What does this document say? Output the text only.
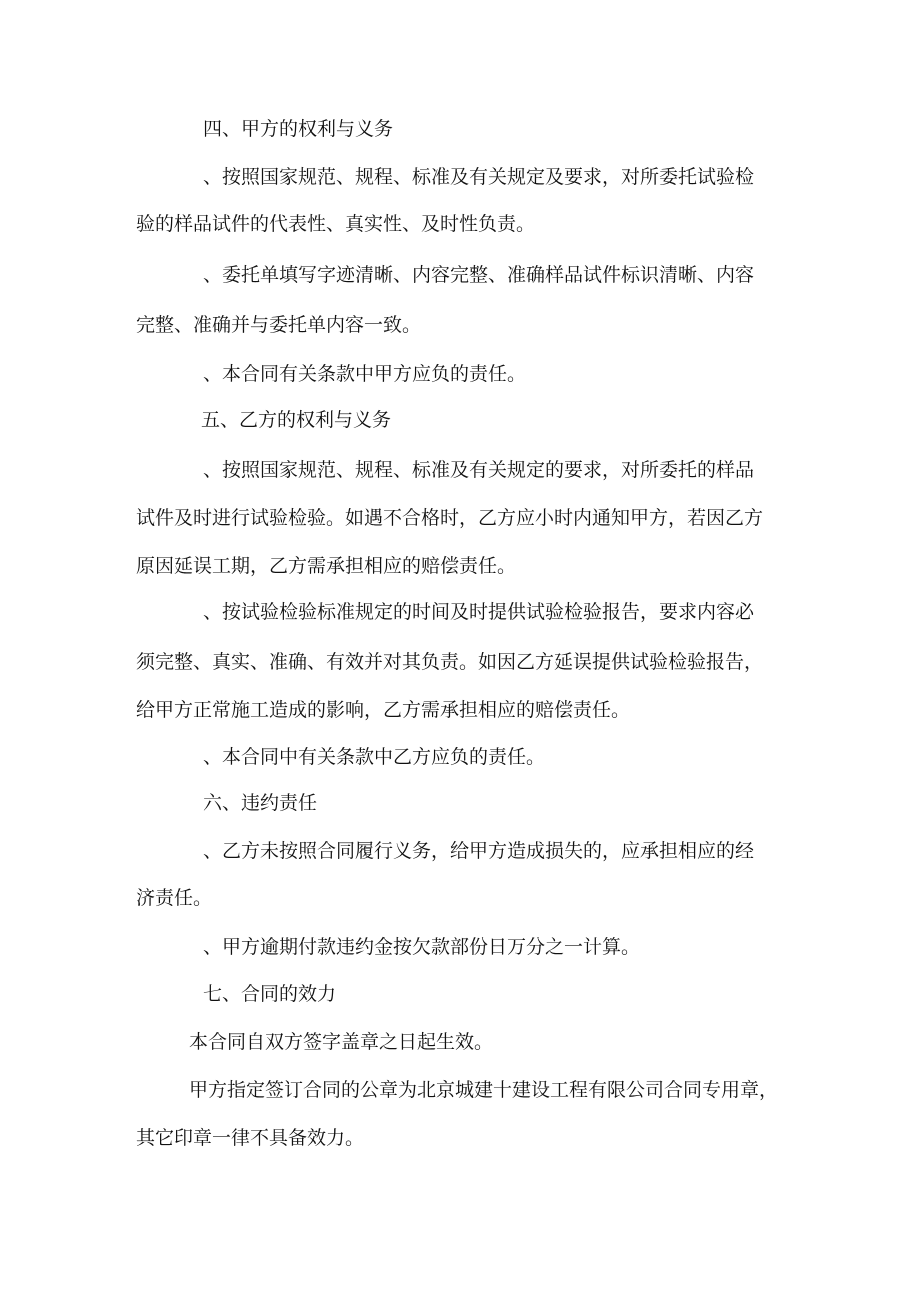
四、甲方的权利与义务

、按照国家规范、规程、标准及有关规定及要求，对所委托试验检

验的样品试件的代表性、真实性、及时性负责。

、委托单填写字迹清晰、内容完整、准确样品试件标识清晰、内容

完整、准确并与委托单内容一致。

、本合同有关条款中甲方应负的责任。

五、乙方的权利与义务

、按照国家规范、规程、标准及有关规定的要求，对所委托的样品

试件及时进行试验检验。如遇不合格时，乙方应小时内通知甲方，若因乙方

原因延误工期，乙方需承担相应的赔偿责任。

、按试验检验标准规定的时间及时提供试验检验报告，要求内容必

须完整、真实、准确、有效并对其负责。如因乙方延误提供试验检验报告，

给甲方正常施工造成的影响，乙方需承担相应的赔偿责任。

、本合同中有关条款中乙方应负的责任。

六、违约责任

、乙方未按照合同履行义务，给甲方造成损失的，应承担相应的经

济责任。

、甲方逾期付款违约金按欠款部份日万分之一计算。

七、合同的效力

本合同自双方签字盖章之日起生效。

甲方指定签订合同的公章为北京城建十建设工程有限公司合同专用章，

其它印章一律不具备效力。
